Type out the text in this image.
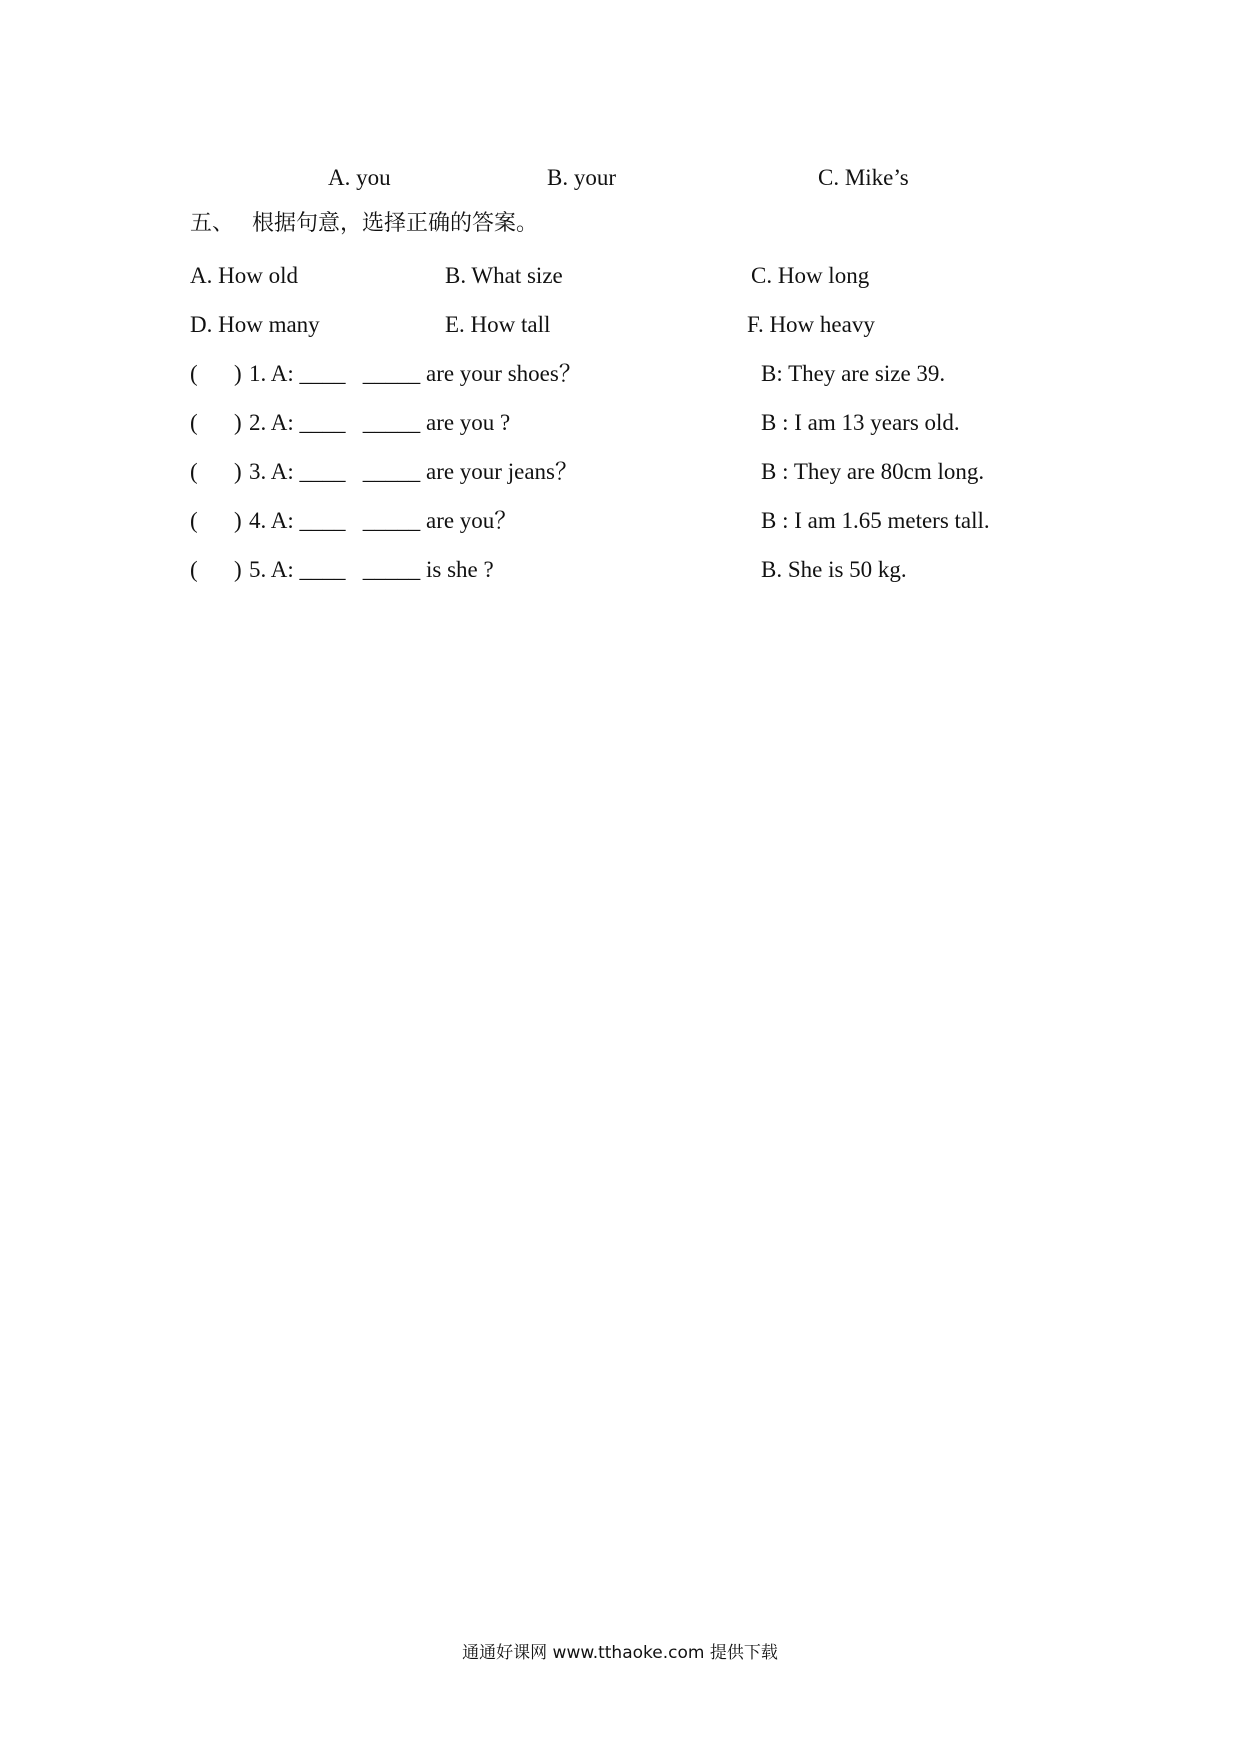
A. you	B. your	C. Mike’s
五、 根据句意，选择正确的答案。
A. How old	B. What size	C. How long
D. How many	E. How tall	F. How heavy
( ) 1. A: ____   _____ are your shoes？	B: They are size 39.
( ) 2. A: ____   _____ are you ?	B : I am 13 years old.
( ) 3. A: ____   _____ are your jeans？	B : They are 80cm long.
( ) 4. A: ____   _____ are you？	B : I am 1.65 meters tall.
( ) 5. A: ____   _____ is she ?	B. She is 50 kg.
通通好课网 www.tthaoke.com 提供下载
